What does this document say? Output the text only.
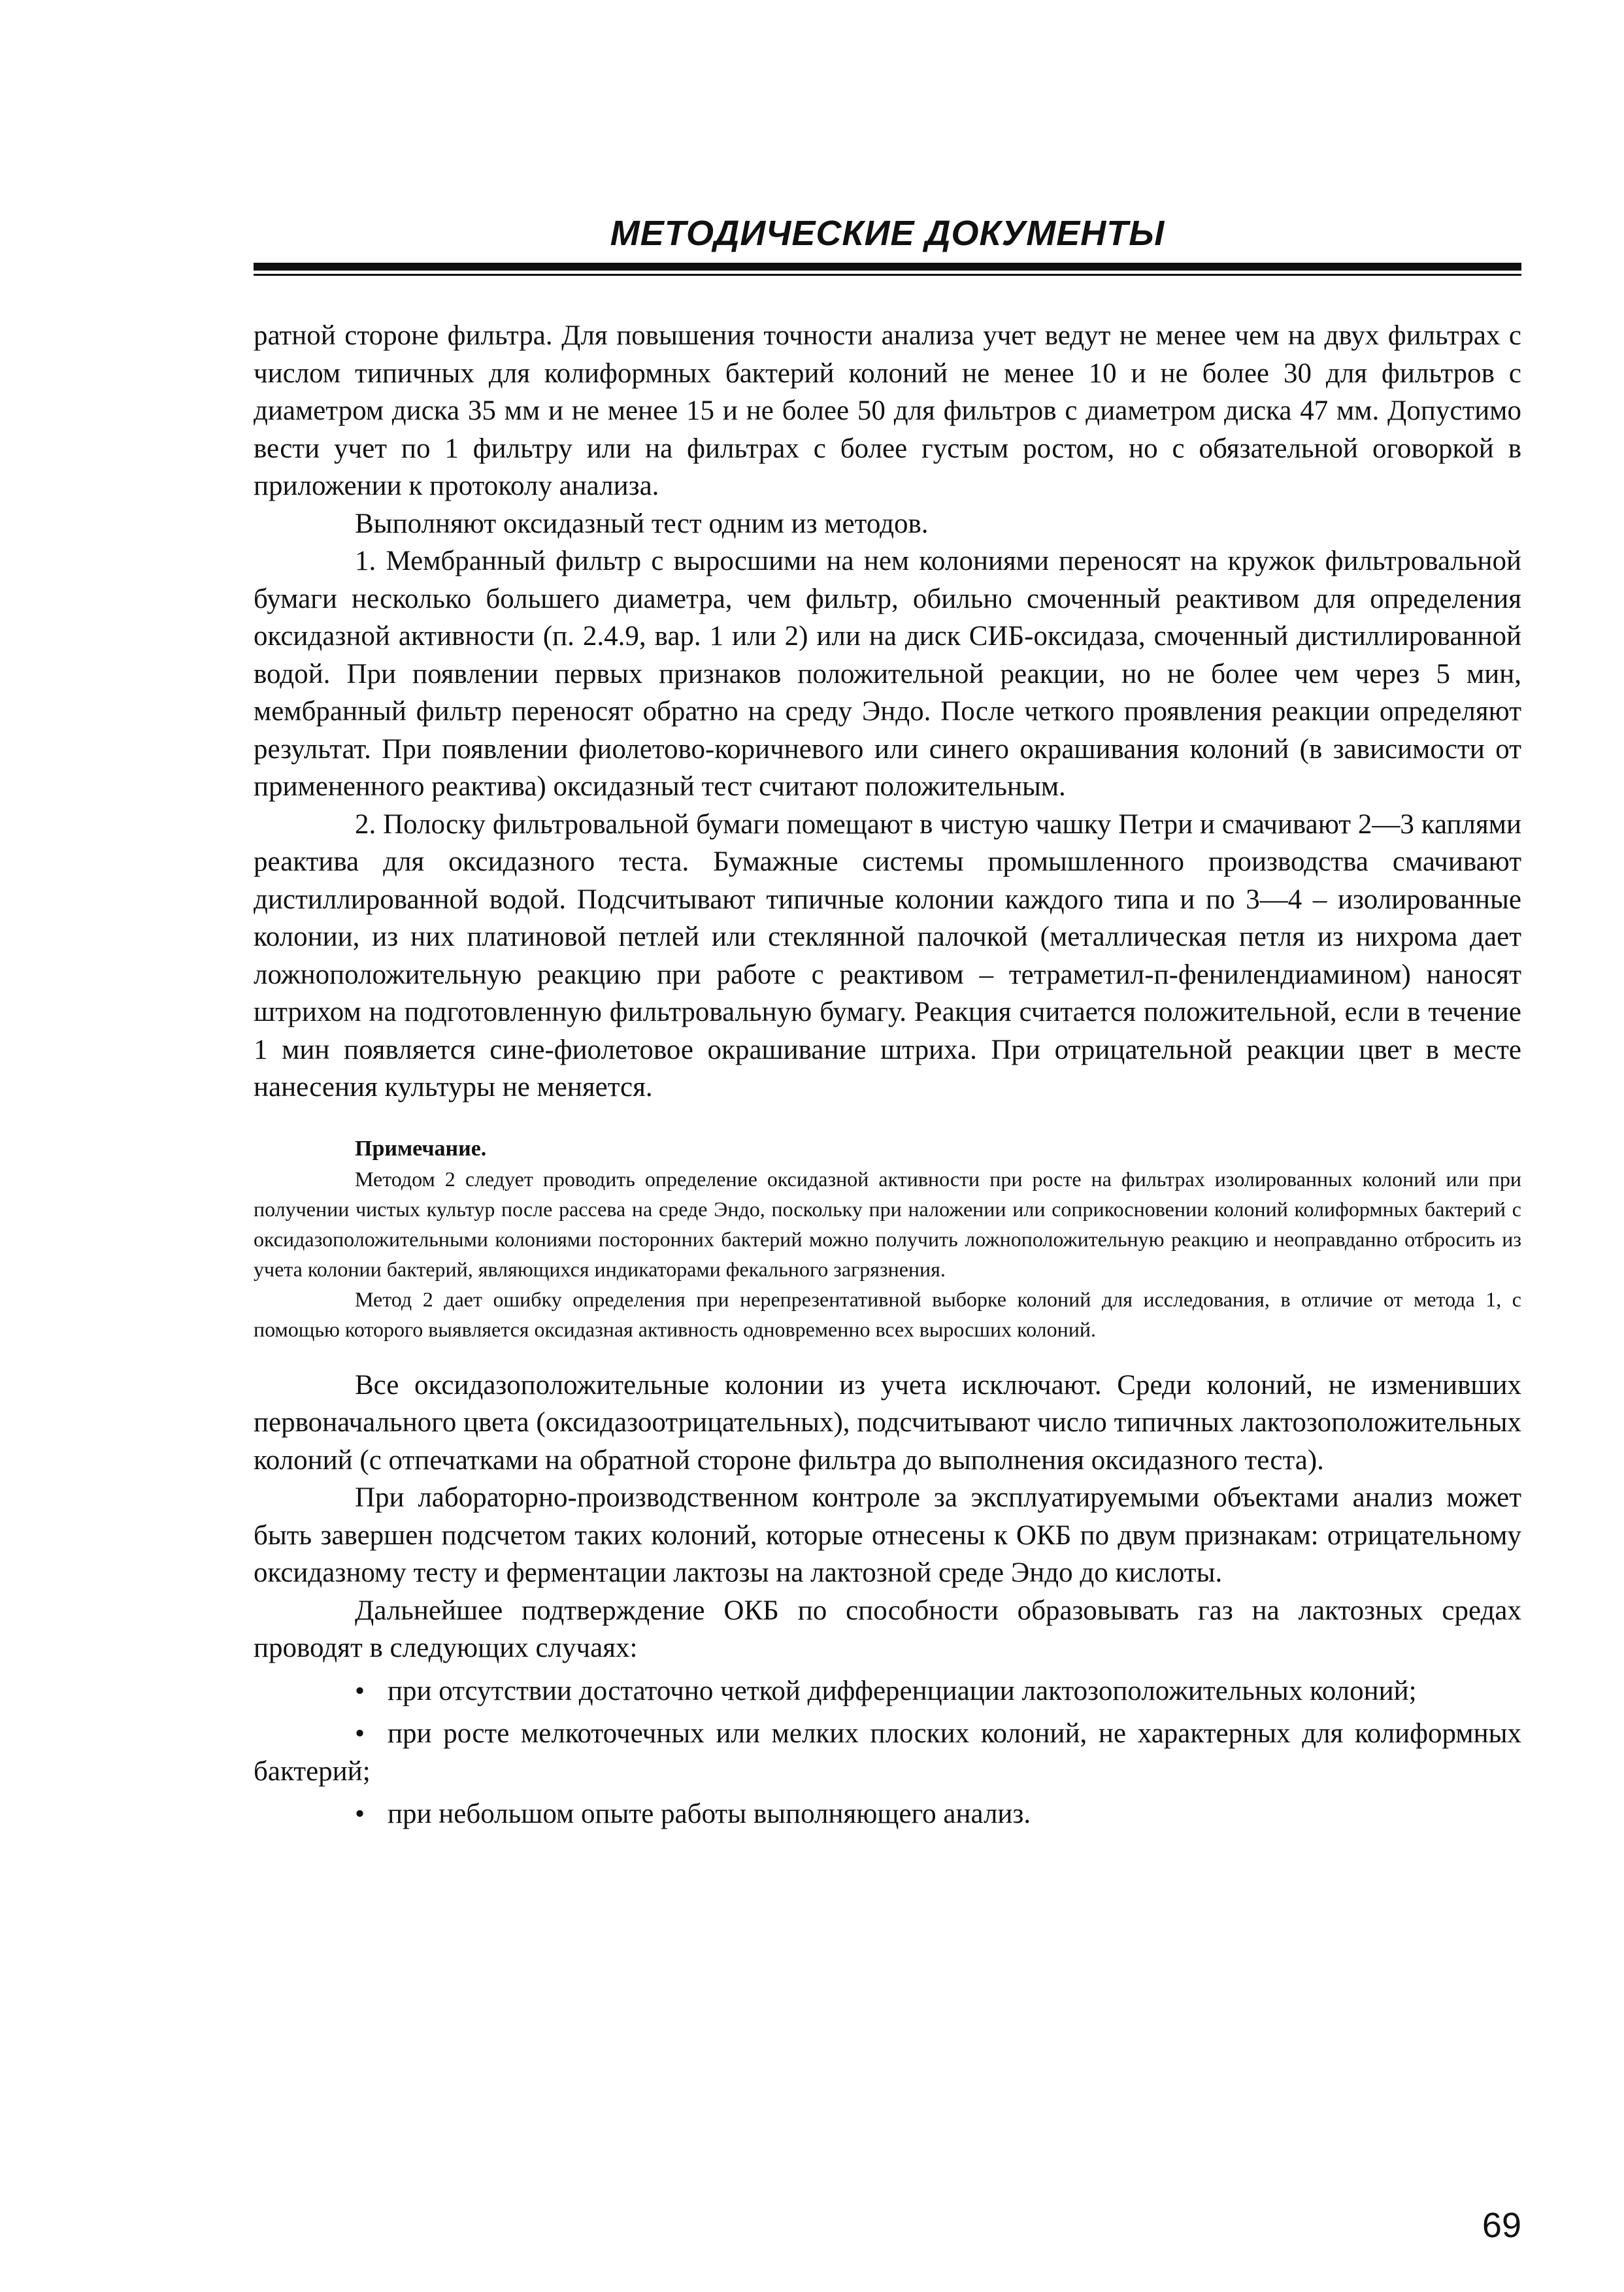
МЕТОДИЧЕСКИЕ ДОКУМЕНТЫ

ратной стороне фильтра. Для повышения точности анализа учет ведут не менее чем на двух фильтрах с числом типичных для колиформных бактерий колоний не менее 10 и не более 30 для фильтров с диаметром диска 35 мм и не менее 15 и не более 50 для фильтров с диаметром диска 47 мм. Допустимо вести учет по 1 фильтру или на фильтрах с более густым ростом, но с обязательной оговоркой в приложении к протоколу анализа.

Выполняют оксидазный тест одним из методов.

1. Мембранный фильтр с выросшими на нем колониями переносят на кружок фильтровальной бумаги несколько большего диаметра, чем фильтр, обильно смоченный реактивом для определения оксидазной активности (п. 2.4.9, вар. 1 или 2) или на диск СИБ-оксидаза, смоченный дистиллированной водой. При появлении первых признаков положительной реакции, но не более чем через 5 мин, мембранный фильтр переносят обратно на среду Эндо. После четкого проявления реакции определяют результат. При появлении фиолетово-коричневого или синего окрашивания колоний (в зависимости от примененного реактива) оксидазный тест считают положительным.

2. Полоску фильтровальной бумаги помещают в чистую чашку Петри и смачивают 2—3 каплями реактива для оксидазного теста. Бумажные системы промышленного производства смачивают дистиллированной водой. Подсчитывают типичные колонии каждого типа и по 3—4 – изолированные колонии, из них платиновой петлей или стеклянной палочкой (металлическая петля из нихрома дает ложноположительную реакцию при работе с реактивом – тетраметил-п-фенилендиамином) наносят штрихом на подготовленную фильтровальную бумагу. Реакция считается положительной, если в течение 1 мин появляется сине-фиолетовое окрашивание штриха. При отрицательной реакции цвет в месте нанесения культуры не меняется.

Примечание.

Методом 2 следует проводить определение оксидазной активности при росте на фильтрах изолированных колоний или при получении чистых культур после рассева на среде Эндо, поскольку при наложении или соприкосновении колоний колиформных бактерий с оксидазоположительными колониями посторонних бактерий можно получить ложноположительную реакцию и неоправданно отбросить из учета колонии бактерий, являющихся индикаторами фекального загрязнения.

Метод 2 дает ошибку определения при нерепрезентативной выборке колоний для исследования, в отличие от метода 1, с помощью которого выявляется оксидазная активность одновременно всех выросших колоний.

Все оксидазоположительные колонии из учета исключают. Среди колоний, не изменивших первоначального цвета (оксидазоотрицательных), подсчитывают число типичных лактозоположительных колоний (с отпечатками на обратной стороне фильтра до выполнения оксидазного теста).

При лабораторно-производственном контроле за эксплуатируемыми объектами анализ может быть завершен подсчетом таких колоний, которые отнесены к ОКБ по двум признакам: отрицательному оксидазному тесту и ферментации лактозы на лактозной среде Эндо до кислоты.

Дальнейшее подтверждение ОКБ по способности образовывать газ на лактозных средах проводят в следующих случаях:

• при отсутствии достаточно четкой дифференциации лактозоположительных колоний;
• при росте мелкоточечных или мелких плоских колоний, не характерных для колиформных бактерий;
• при небольшом опыте работы выполняющего анализ.
69
